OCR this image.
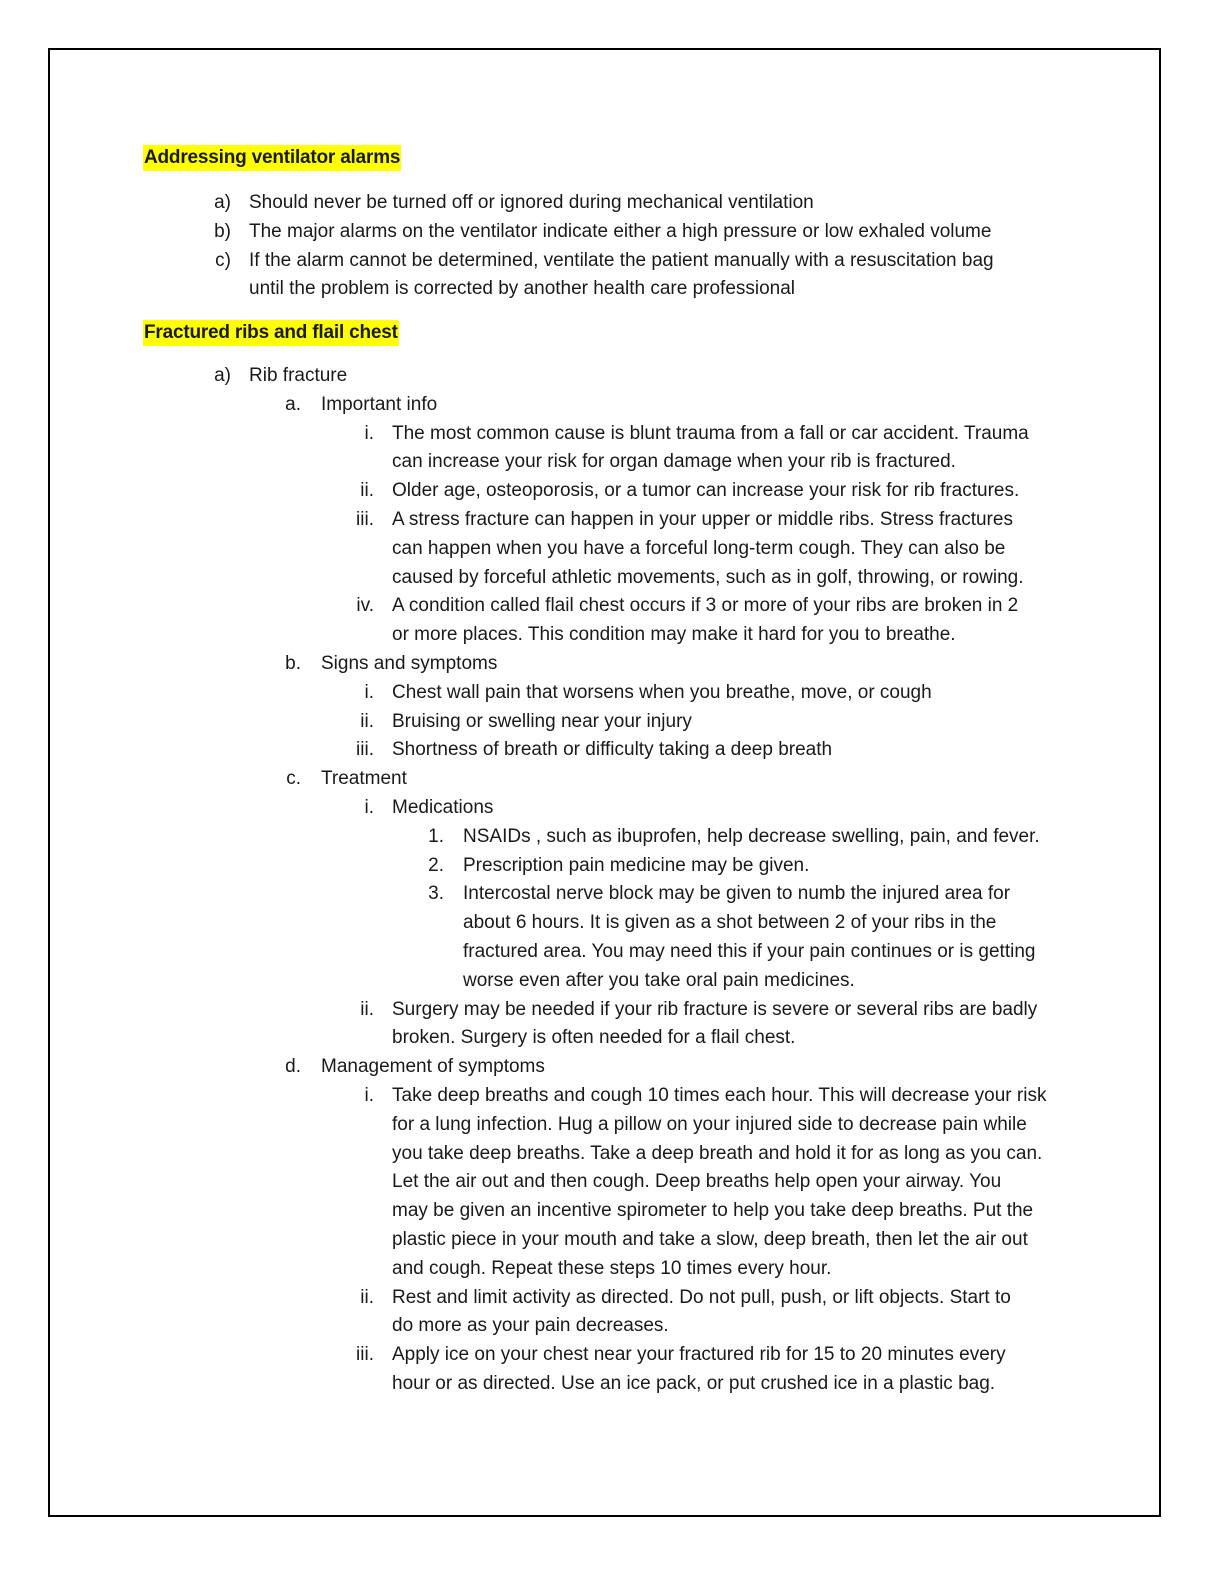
Addressing ventilator alarms
a) Should never be turned off or ignored during mechanical ventilation
b) The major alarms on the ventilator indicate either a high pressure or low exhaled volume
c) If the alarm cannot be determined, ventilate the patient manually with a resuscitation bag
until the problem is corrected by another health care professional
Fractured ribs and flail chest
a) Rib fracture
a. Important info
i. The most common cause is blunt trauma from a fall or car accident. Trauma
can increase your risk for organ damage when your rib is fractured.
ii. Older age, osteoporosis, or a tumor can increase your risk for rib fractures.
iii. A stress fracture can happen in your upper or middle ribs. Stress fractures
can happen when you have a forceful long-term cough. They can also be
caused by forceful athletic movements, such as in golf, throwing, or rowing.
iv. A condition called flail chest occurs if 3 or more of your ribs are broken in 2
or more places. This condition may make it hard for you to breathe.
b. Signs and symptoms
i. Chest wall pain that worsens when you breathe, move, or cough
ii. Bruising or swelling near your injury
iii. Shortness of breath or difficulty taking a deep breath
c. Treatment
i. Medications
1. NSAIDs , such as ibuprofen, help decrease swelling, pain, and fever.
2. Prescription pain medicine may be given.
3. Intercostal nerve block may be given to numb the injured area for
about 6 hours. It is given as a shot between 2 of your ribs in the
fractured area. You may need this if your pain continues or is getting
worse even after you take oral pain medicines.
ii. Surgery may be needed if your rib fracture is severe or several ribs are badly
broken. Surgery is often needed for a flail chest.
d. Management of symptoms
i. Take deep breaths and cough 10 times each hour. This will decrease your risk
for a lung infection. Hug a pillow on your injured side to decrease pain while
you take deep breaths. Take a deep breath and hold it for as long as you can.
Let the air out and then cough. Deep breaths help open your airway. You
may be given an incentive spirometer to help you take deep breaths. Put the
plastic piece in your mouth and take a slow, deep breath, then let the air out
and cough. Repeat these steps 10 times every hour.
ii. Rest and limit activity as directed. Do not pull, push, or lift objects. Start to
do more as your pain decreases.
iii. Apply ice on your chest near your fractured rib for 15 to 20 minutes every
hour or as directed. Use an ice pack, or put crushed ice in a plastic bag.
